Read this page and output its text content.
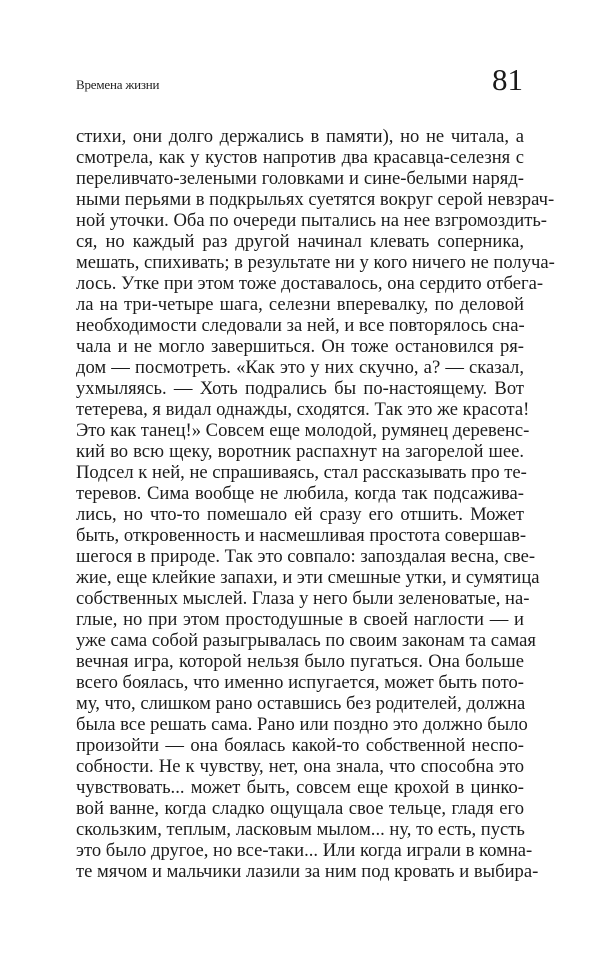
Времена жизни	81
стихи, они долго держались в памяти), но не читала, а
смотрела, как у кустов напротив два красавца-селезня с
переливчато-зелеными головками и сине-белыми наряд-
ными перьями в подкрыльях суетятся вокруг серой невзрач-
ной уточки. Оба по очереди пытались на нее взгромоздить-
ся, но каждый раз другой начинал клевать соперника,
мешать, спихивать; в результате ни у кого ничего не получа-
лось. Утке при этом тоже доставалось, она сердито отбега-
ла на три-четыре шага, селезни вперевалку, по деловой
необходимости следовали за ней, и все повторялось сна-
чала и не могло завершиться. Он тоже остановился ря-
дом — посмотреть. «Как это у них скучно, а? — сказал,
ухмыляясь. — Хоть подрались бы по-настоящему. Вот
тетерева, я видал однажды, сходятся. Так это же красота!
Это как танец!» Совсем еще молодой, румянец деревенс-
кий во всю щеку, воротник распахнут на загорелой шее.
Подсел к ней, не спрашиваясь, стал рассказывать про те-
теревов. Сима вообще не любила, когда так подсажива-
лись, но что-то помешало ей сразу его отшить. Может
быть, откровенность и насмешливая простота совершав-
шегося в природе. Так это совпало: запоздалая весна, све-
жие, еще клейкие запахи, и эти смешные утки, и сумятица
собственных мыслей. Глаза у него были зеленоватые, на-
глые, но при этом простодушные в своей наглости — и
уже сама собой разыгрывалась по своим законам та самая
вечная игра, которой нельзя было пугаться. Она больше
всего боялась, что именно испугается, может быть пото-
му, что, слишком рано оставшись без родителей, должна
была все решать сама. Рано или поздно это должно было
произойти — она боялась какой-то собственной неспо-
собности. Не к чувству, нет, она знала, что способна это
чувствовать... может быть, совсем еще крохой в цинко-
вой ванне, когда сладко ощущала свое тельце, гладя его
скользким, теплым, ласковым мылом... ну, то есть, пусть
это было другое, но все-таки... Или когда играли в комна-
те мячом и мальчики лазили за ним под кровать и выбира-
